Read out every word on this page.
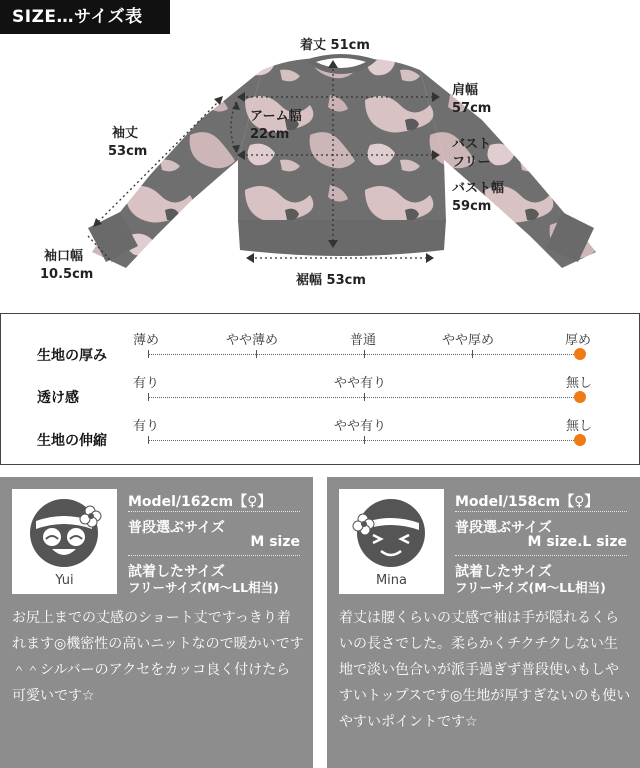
SIZE…サイズ表
着丈 51cm
肩幅
57cm
アーム幅
22cm
袖丈
53cm	バスト
フリー
バスト幅
59cm
袖口幅
10.5cm	裾幅 53cm
生地の厚み
薄め	やや薄め	普通	やや厚め	厚め
透け感
有り	やや有り	無し
生地の伸縮
有り	やや有り	無し
Yui
Model/162cm【♀】
普段選ぶサイズ
M size
試着したサイズ
フリーサイズ(M〜LL相当)
お尻上までの丈感のショート丈ですっきり着れます◎機密性の高いニットなので暖かいです＾＾シルバーのアクセをカッコ良く付けたら可愛いです☆
Mina
Model/158cm【♀】
普段選ぶサイズ
M size.L size
試着したサイズ
フリーサイズ(M〜LL相当)
着丈は腰くらいの丈感で袖は手が隠れるくらいの長さでした。柔らかくチクチクしない生地で淡い色合いが派手過ぎず普段使いもしやすいトップスです◎生地が厚すぎないのも使いやすいポイントです☆
